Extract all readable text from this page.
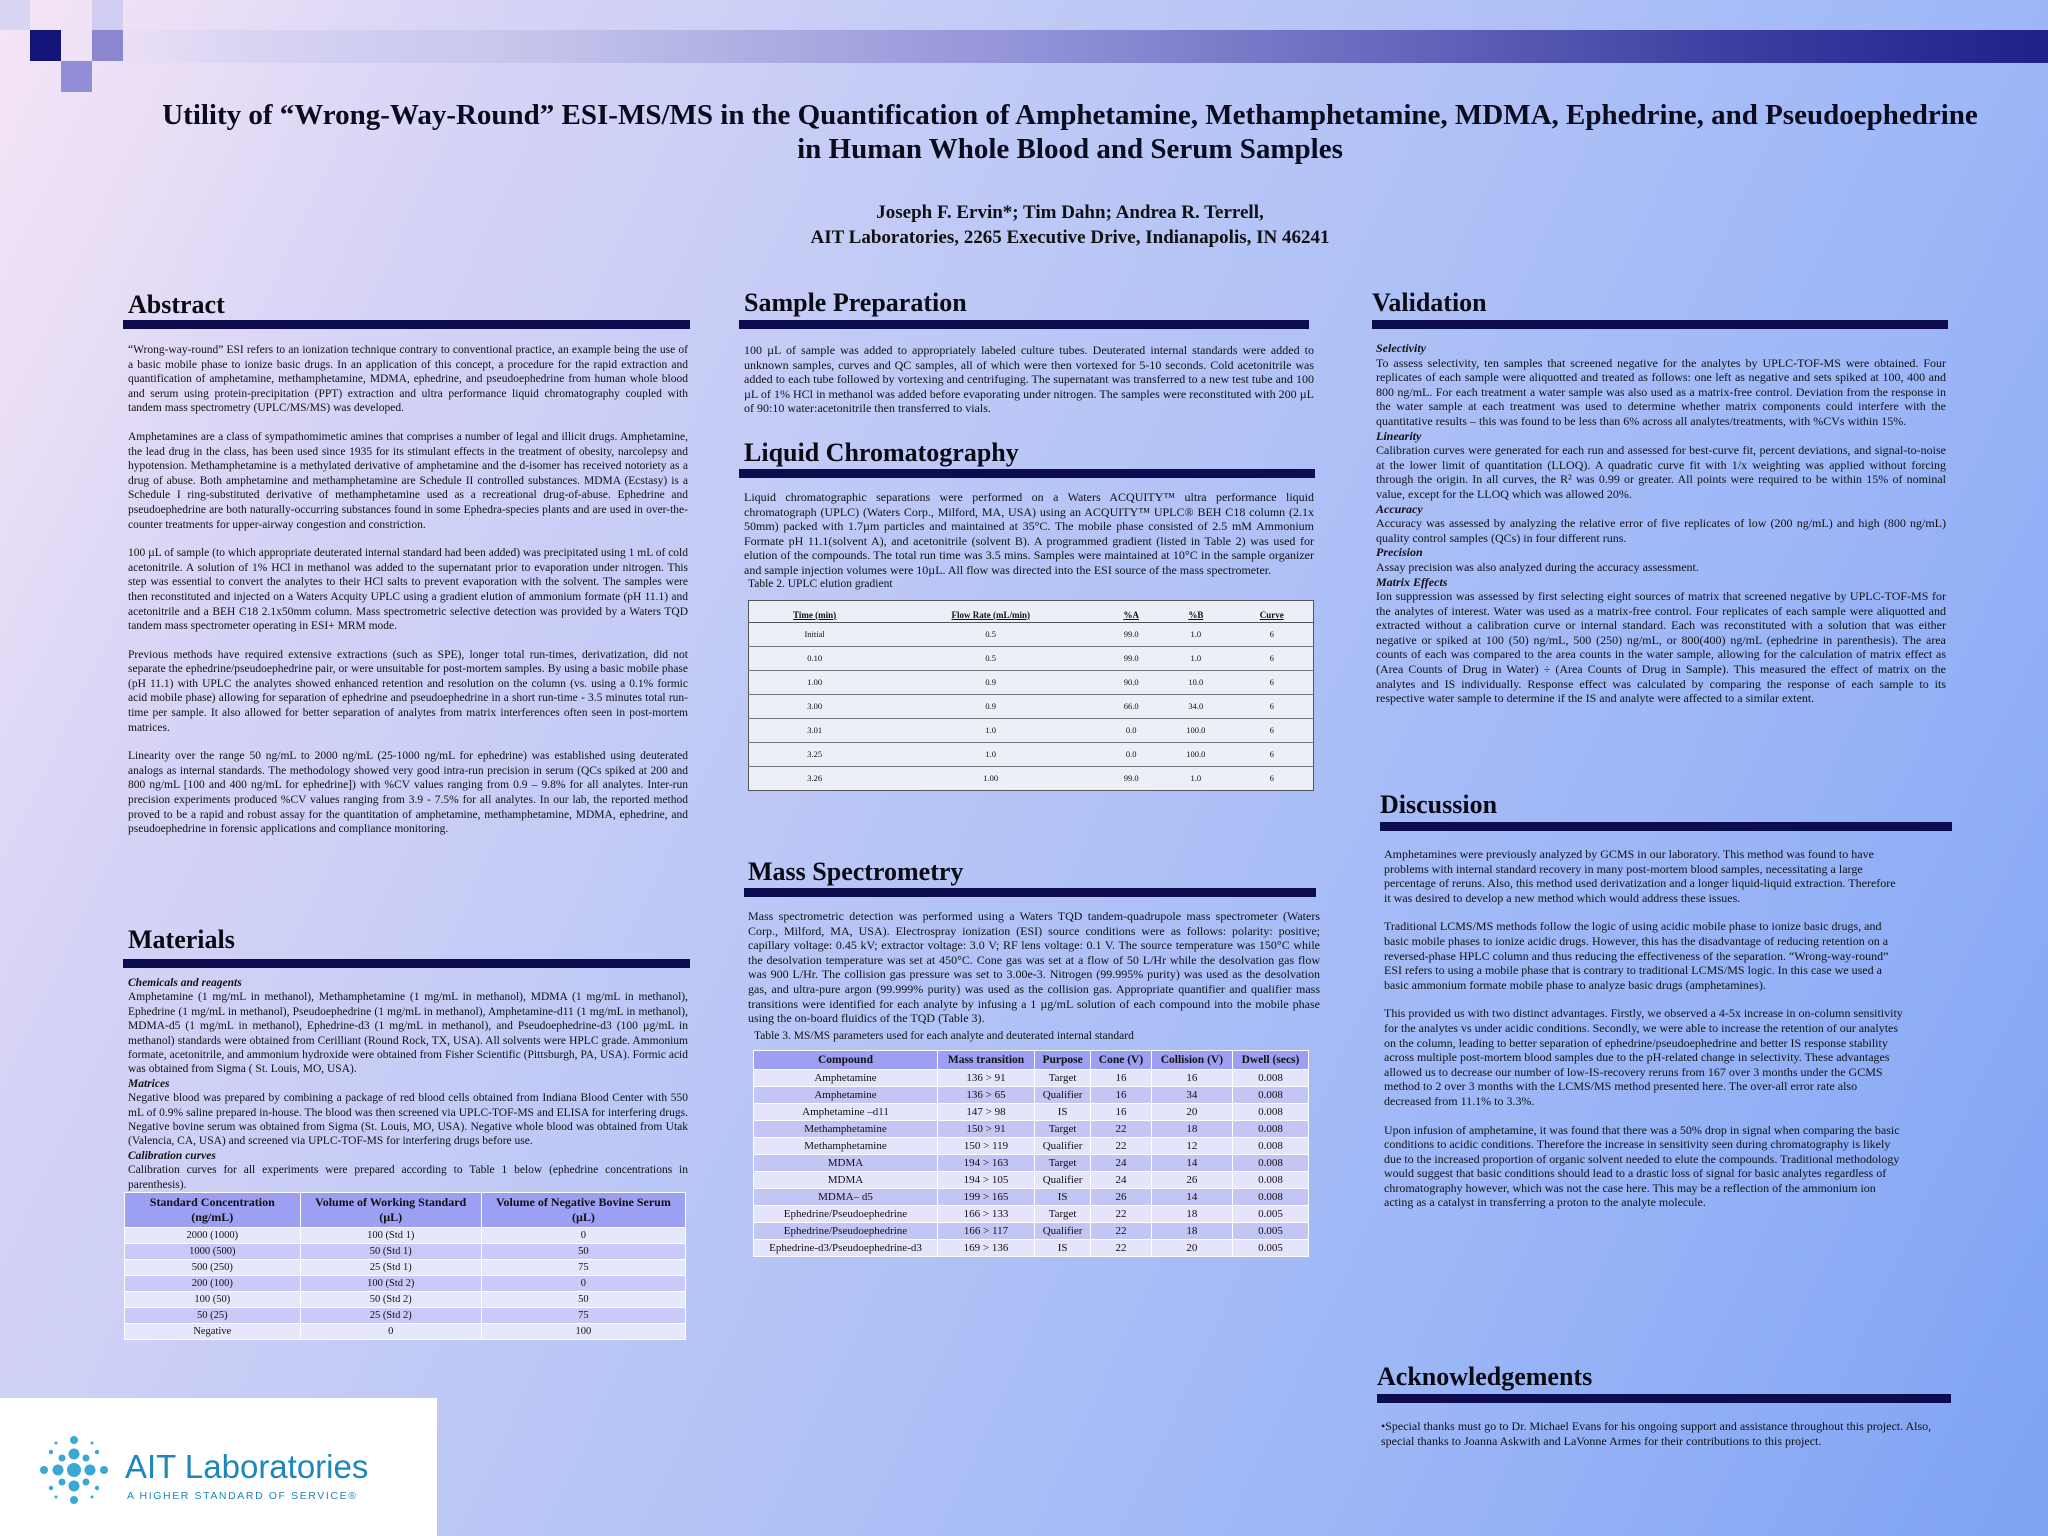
Utility of “Wrong-Way-Round” ESI-MS/MS in the Quantification of Amphetamine, Methamphetamine, MDMA, Ephedrine, and Pseudoephedrine in Human Whole Blood and Serum Samples
Joseph F. Ervin*; Tim Dahn; Andrea R. Terrell,
AIT Laboratories, 2265 Executive Drive, Indianapolis, IN 46241
Abstract

“Wrong-way-round” ESI refers to an ionization technique contrary to conventional practice, an example being the use of a basic mobile phase to ionize basic drugs. In an application of this concept, a procedure for the rapid extraction and quantification of amphetamine, methamphetamine, MDMA, ephedrine, and pseudoephedrine from human whole blood and serum using protein-precipitation (PPT) extraction and ultra performance liquid chromatography coupled with tandem mass spectrometry (UPLC/MS/MS) was developed.

Amphetamines are a class of sympathomimetic amines that comprises a number of legal and illicit drugs. Amphetamine, the lead drug in the class, has been used since 1935 for its stimulant effects in the treatment of obesity, narcolepsy and hypotension. Methamphetamine is a methylated derivative of amphetamine and the d-isomer has received notoriety as a drug of abuse. Both amphetamine and methamphetamine are Schedule II controlled substances. MDMA (Ecstasy) is a Schedule I ring-substituted derivative of methamphetamine used as a recreational drug-of-abuse. Ephedrine and pseudoephedrine are both naturally-occurring substances found in some Ephedra-species plants and are used in over-the-counter treatments for upper-airway congestion and constriction.

100 µL of sample (to which appropriate deuterated internal standard had been added) was precipitated using 1 mL of cold acetonitrile. A solution of 1% HCl in methanol was added to the supernatant prior to evaporation under nitrogen. This step was essential to convert the analytes to their HCl salts to prevent evaporation with the solvent. The samples were then reconstituted and injected on a Waters Acquity UPLC using a gradient elution of ammonium formate (pH 11.1) and acetonitrile and a BEH C18 2.1x50mm column. Mass spectrometric selective detection was provided by a Waters TQD tandem mass spectrometer operating in ESI+ MRM mode.

Previous methods have required extensive extractions (such as SPE), longer total run-times, derivatization, did not separate the ephedrine/pseudoephedrine pair, or were unsuitable for post-mortem samples. By using a basic mobile phase (pH 11.1) with UPLC the analytes showed enhanced retention and resolution on the column (vs. using a 0.1% formic acid mobile phase) allowing for separation of ephedrine and pseudoephedrine in a short run-time - 3.5 minutes total run-time per sample. It also allowed for better separation of analytes from matrix interferences often seen in post-mortem matrices.

Linearity over the range 50 ng/mL to 2000 ng/mL (25-1000 ng/mL for ephedrine) was established using deuterated analogs as internal standards. The methodology showed very good intra-run precision in serum (QCs spiked at 200 and 800 ng/mL [100 and 400 ng/mL for ephedrine]) with %CV values ranging from 0.9 – 9.8% for all analytes. Inter-run precision experiments produced %CV values ranging from 3.9 - 7.5% for all analytes. In our lab, the reported method proved to be a rapid and robust assay for the quantitation of amphetamine, methamphetamine, MDMA, ephedrine, and pseudoephedrine in forensic applications and compliance monitoring.

Materials
Chemicals and reagents
Amphetamine (1 mg/mL in methanol), Methamphetamine (1 mg/mL in methanol), MDMA (1 mg/mL in methanol), Ephedrine (1 mg/mL in methanol), Pseudoephedrine (1 mg/mL in methanol), Amphetamine-d11 (1 mg/mL in methanol), MDMA-d5 (1 mg/mL in methanol), Ephedrine-d3 (1 mg/mL in methanol), and Pseudoephedrine-d3 (100 µg/mL in methanol) standards were obtained from Cerilliant (Round Rock, TX, USA). All solvents were HPLC grade. Ammonium formate, acetonitrile, and ammonium hydroxide were obtained from Fisher Scientific (Pittsburgh, PA, USA). Formic acid was obtained from Sigma ( St. Louis, MO, USA).
Matrices
Negative blood was prepared by combining a package of red blood cells obtained from Indiana Blood Center with 550 mL of 0.9% saline prepared in-house. The blood was then screened via UPLC-TOF-MS and ELISA for interfering drugs. Negative bovine serum was obtained from Sigma (St. Louis, MO, USA). Negative whole blood was obtained from Utak (Valencia, CA, USA) and screened via UPLC-TOF-MS for interfering drugs before use.
Calibration curves
Calibration curves for all experiments were prepared according to Table 1 below (ephedrine concentrations in parenthesis).
Standard Concentration (ng/mL)	Volume of Working Standard (µL)	Volume of Negative Bovine Serum (µL)
2000 (1000)	100 (Std 1)	0
1000 (500)	50 (Std 1)	50
500 (250)	25 (Std 1)	75
200 (100)	100 (Std 2)	0
100 (50)	50 (Std 2)	50
50 (25)	25 (Std 2)	75
Negative	0	100
Sample Preparation
100 µL of sample was added to appropriately labeled culture tubes. Deuterated internal standards were added to unknown samples, curves and QC samples, all of which were then vortexed for 5-10 seconds. Cold acetonitrile was added to each tube followed by vortexing and centrifuging. The supernatant was transferred to a new test tube and 100 µL of 1% HCl in methanol was added before evaporating under nitrogen. The samples were reconstituted with 200 µL of 90:10 water:acetonitrile then transferred to vials.
Liquid Chromatography
Liquid chromatographic separations were performed on a Waters ACQUITY™ ultra performance liquid chromatograph (UPLC) (Waters Corp., Milford, MA, USA) using an ACQUITY™ UPLC® BEH C18 column (2.1x 50mm) packed with 1.7µm particles and maintained at 35°C. The mobile phase consisted of 2.5 mM Ammonium Formate pH 11.1(solvent A), and acetonitrile (solvent B). A programmed gradient (listed in Table 2) was used for elution of the compounds. The total run time was 3.5 mins. Samples were maintained at 10°C in the sample organizer and sample injection volumes were 10µL. All flow was directed into the ESI source of the mass spectrometer.
Table 2. UPLC elution gradient
Time (min)	Flow Rate (mL/min)	%A	%B	Curve
Initial	0.5	99.0	1.0	6
0.10	0.5	99.0	1.0	6
1.00	0.9	90.0	10.0	6
3.00	0.9	66.0	34.0	6
3.01	1.0	0.0	100.0	6
3.25	1.0	0.0	100.0	6
3.26	1.00	99.0	1.0	6
Mass Spectrometry
Mass spectrometric detection was performed using a Waters TQD tandem-quadrupole mass spectrometer (Waters Corp., Milford, MA, USA). Electrospray ionization (ESI) source conditions were as follows: polarity: positive; capillary voltage: 0.45 kV; extractor voltage: 3.0 V; RF lens voltage: 0.1 V. The source temperature was 150°C while the desolvation temperature was set at 450°C. Cone gas was set at a flow of 50 L/Hr while the desolvation gas flow was 900 L/Hr. The collision gas pressure was set to 3.00e-3. Nitrogen (99.995% purity) was used as the desolvation gas, and ultra-pure argon (99.999% purity) was used as the collision gas. Appropriate quantifier and qualifier mass transitions were identified for each analyte by infusing a 1 µg/mL solution of each compound into the mobile phase using the on-board fluidics of the TQD (Table 3).
Table 3. MS/MS parameters used for each analyte and deuterated internal standard
Compound	Mass transition	Purpose	Cone (V)	Collision (V)	Dwell (secs)
Amphetamine	136 > 91	Target	16	16	0.008
Amphetamine	136 > 65	Qualifier	16	34	0.008
Amphetamine –d11	147 > 98	IS	16	20	0.008
Methamphetamine	150 > 91	Target	22	18	0.008
Methamphetamine	150 > 119	Qualifier	22	12	0.008
MDMA	194 > 163	Target	24	14	0.008
MDMA	194 > 105	Qualifier	24	26	0.008
MDMA– d5	199 > 165	IS	26	14	0.008
Ephedrine/Pseudoephedrine	166 > 133	Target	22	18	0.005
Ephedrine/Pseudoephedrine	166 > 117	Qualifier	22	18	0.005
Ephedrine-d3/Pseudoephedrine-d3	169 > 136	IS	22	20	0.005
Validation
Selectivity
To assess selectivity, ten samples that screened negative for the analytes by UPLC-TOF-MS were obtained. Four replicates of each sample were aliquotted and treated as follows: one left as negative and sets spiked at 100, 400 and 800 ng/mL. For each treatment a water sample was also used as a matrix-free control. Deviation from the response in the water sample at each treatment was used to determine whether matrix components could interfere with the quantitative results – this was found to be less than 6% across all analytes/treatments, with %CVs within 15%.
Linearity
Calibration curves were generated for each run and assessed for best-curve fit, percent deviations, and signal-to-noise at the lower limit of quantitation (LLOQ). A quadratic curve fit with 1/x weighting was applied without forcing through the origin. In all curves, the R² was 0.99 or greater. All points were required to be within 15% of nominal value, except for the LLOQ which was allowed 20%.
Accuracy
Accuracy was assessed by analyzing the relative error of five replicates of low (200 ng/mL) and high (800 ng/mL) quality control samples (QCs) in four different runs.
Precision
Assay precision was also analyzed during the accuracy assessment.
Matrix Effects
Ion suppression was assessed by first selecting eight sources of matrix that screened negative by UPLC-TOF-MS for the analytes of interest. Water was used as a matrix-free control. Four replicates of each sample were aliquotted and extracted without a calibration curve or internal standard. Each was reconstituted with a solution that was either negative or spiked at 100 (50) ng/mL, 500 (250) ng/mL, or 800(400) ng/mL (ephedrine in parenthesis). The area counts of each was compared to the area counts in the water sample, allowing for the calculation of matrix effect as (Area Counts of Drug in Water) ÷ (Area Counts of Drug in Sample). This measured the effect of matrix on the analytes and IS individually. Response effect was calculated by comparing the response of each sample to its respective water sample to determine if the IS and analyte were affected to a similar extent.
Discussion

Amphetamines were previously analyzed by GCMS in our laboratory. This method was found to have problems with internal standard recovery in many post-mortem blood samples, necessitating a large percentage of reruns. Also, this method used derivatization and a longer liquid-liquid extraction. Therefore it was desired to develop a new method which would address these issues.

Traditional LCMS/MS methods follow the logic of using acidic mobile phase to ionize basic drugs, and basic mobile phases to ionize acidic drugs. However, this has the disadvantage of reducing retention on a reversed-phase HPLC column and thus reducing the effectiveness of the separation. “Wrong-way-round” ESI refers to using a mobile phase that is contrary to traditional LCMS/MS logic. In this case we used a basic ammonium formate mobile phase to analyze basic drugs (amphetamines).

This provided us with two distinct advantages. Firstly, we observed a 4-5x increase in on-column sensitivity for the analytes vs under acidic conditions. Secondly, we were able to increase the retention of our analytes on the column, leading to better separation of ephedrine/pseudoephedrine and better IS response stability across multiple post-mortem blood samples due to the pH-related change in selectivity. These advantages allowed us to decrease our number of low-IS-recovery reruns from 167 over 3 months under the GCMS method to 2 over 3 months with the LCMS/MS method presented here. The over-all error rate also decreased from 11.1% to 3.3%.

Upon infusion of amphetamine, it was found that there was a 50% drop in signal when comparing the basic conditions to acidic conditions. Therefore the increase in sensitivity seen during chromatography is likely due to the increased proportion of organic solvent needed to elute the compounds. Traditional methodology would suggest that basic conditions should lead to a drastic loss of signal for basic analytes regardless of chromatography however, which was not the case here. This may be a reflection of the ammonium ion acting as a catalyst in transferring a proton to the analyte molecule.

Acknowledgements
•Special thanks must go to Dr. Michael Evans for his ongoing support and assistance throughout this project. Also, special thanks to Joanna Askwith and LaVonne Armes for their contributions to this project.
AIT Laboratories
A HIGHER STANDARD OF SERVICE®
